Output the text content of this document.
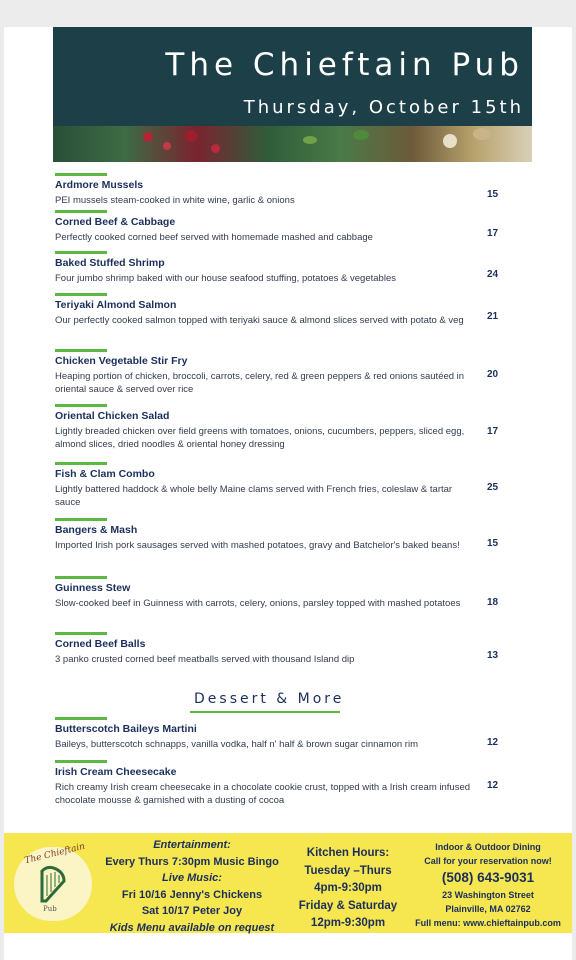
The Chieftain Pub
Thursday, October 15th
Ardmore Mussels
PEI mussels steam-cooked in white wine, garlic & onions
15
Corned Beef & Cabbage
Perfectly cooked corned beef served with homemade mashed and cabbage	17
Baked Stuffed Shrimp
Four jumbo shrimp baked with our house seafood stuffing, potatoes & vegetables	24
Teriyaki Almond Salmon
Our perfectly cooked salmon topped with teriyaki sauce & almond slices served with potato & veg	21
Chicken Vegetable Stir Fry
Heaping portion of chicken, broccoli, carrots, celery, red & green peppers & red onions sautéed in oriental sauce & served over rice
20
Oriental Chicken Salad
Lightly breaded chicken over field greens with tomatoes, onions, cucumbers, peppers, sliced egg, almond slices, dried noodles & oriental honey dressing
17
Fish & Clam Combo
Lightly battered haddock & whole belly Maine clams served with French fries, coleslaw & tartar sauce
25
Bangers & Mash
Imported Irish pork sausages served with mashed potatoes, gravy and Batchelor's baked beans!	15
Guinness Stew
Slow-cooked beef in Guinness with carrots, celery, onions, parsley topped with mashed potatoes	18
Corned Beef Balls
3 panko crusted corned beef meatballs served with thousand Island dip	13
Dessert & More
Butterscotch Baileys Martini
Baileys, butterscotch schnapps, vanilla vodka, half n' half & brown sugar cinnamon rim	12
Irish Cream Cheesecake
Rich creamy Irish cream cheesecake in a chocolate cookie crust, topped with a Irish cream infused chocolate mousse & garnished with a dusting of cocoa
12
The Chieftain
Pub
Entertainment:
Every Thurs 7:30pm Music Bingo
Live Music:
Fri 10/16 Jenny's Chickens
Sat 10/17 Peter Joy
Kids Menu available on request
Kitchen Hours:
Tuesday –Thurs
4pm-9:30pm
Friday & Saturday
12pm-9:30pm
Indoor & Outdoor Dining
Call for your reservation now!
(508) 643-9031
23 Washington Street
Plainville, MA 02762
Full menu: www.chieftainpub.com
